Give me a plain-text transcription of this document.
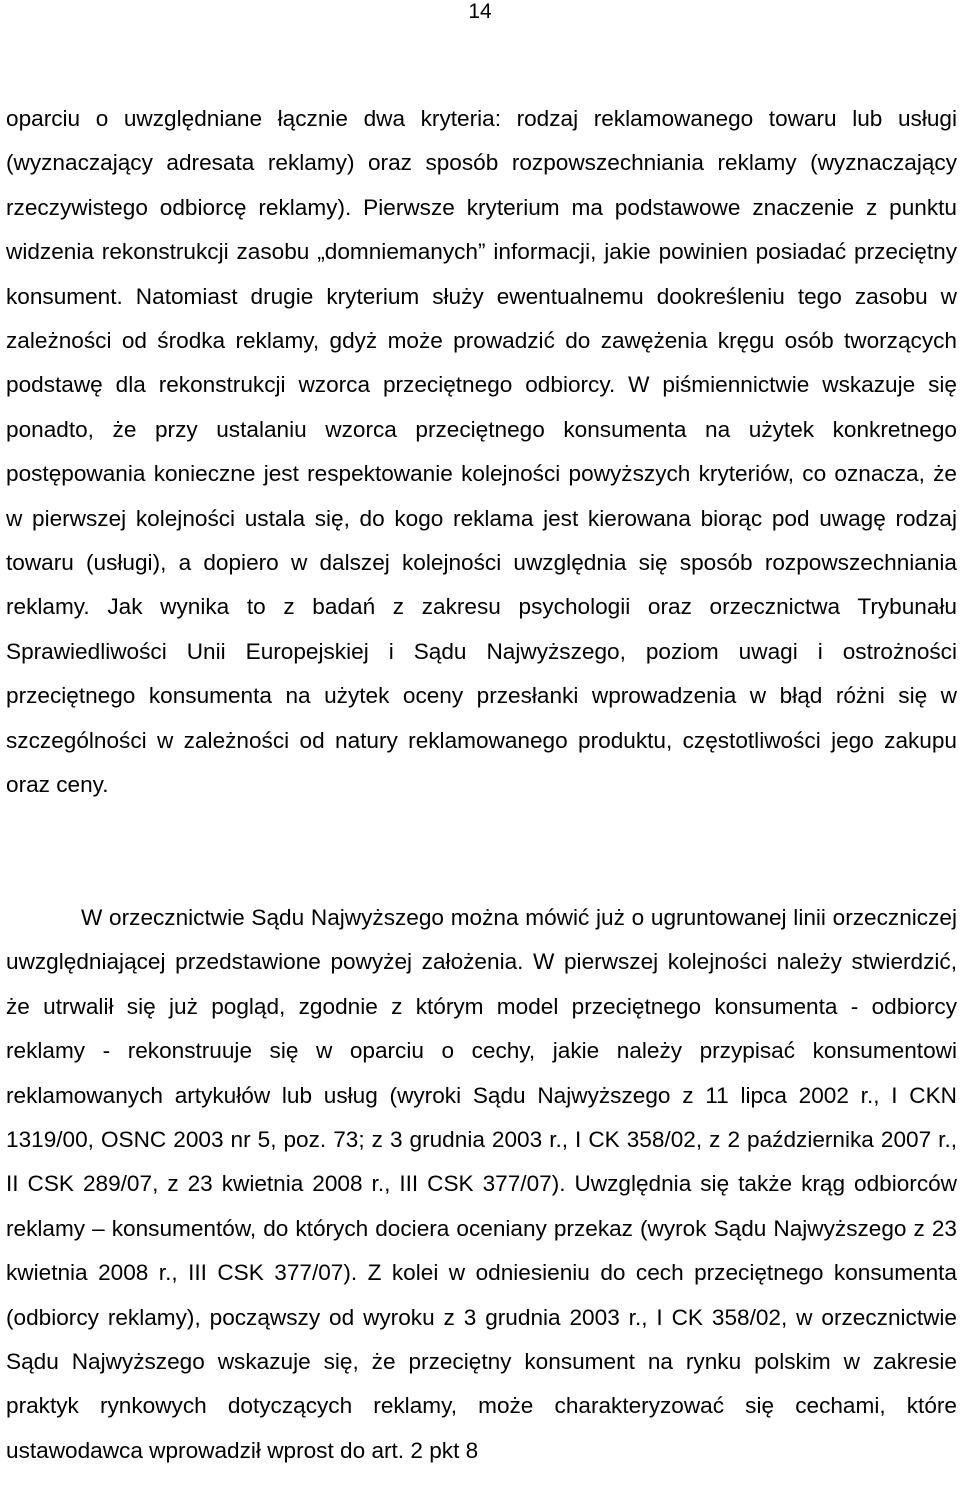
14

oparciu o uwzględniane łącznie dwa kryteria: rodzaj reklamowanego towaru lub usługi (wyznaczający adresata reklamy) oraz sposób rozpowszechniania reklamy (wyznaczający rzeczywistego odbiorcę reklamy). Pierwsze kryterium ma podstawowe znaczenie z punktu widzenia rekonstrukcji zasobu „domniemanych” informacji, jakie powinien posiadać przeciętny konsument. Natomiast drugie kryterium służy ewentualnemu dookreśleniu tego zasobu w zależności od środka reklamy, gdyż może prowadzić do zawężenia kręgu osób tworzących podstawę dla rekonstrukcji wzorca przeciętnego odbiorcy. W piśmiennictwie wskazuje się ponadto, że przy ustalaniu wzorca przeciętnego konsumenta na użytek konkretnego postępowania konieczne jest respektowanie kolejności powyższych kryteriów, co oznacza, że w pierwszej kolejności ustala się, do kogo reklama jest kierowana biorąc pod uwagę rodzaj towaru (usługi), a dopiero w dalszej kolejności uwzględnia się sposób rozpowszechniania reklamy. Jak wynika to z badań z zakresu psychologii oraz orzecznictwa Trybunału Sprawiedliwości Unii Europejskiej i Sądu Najwyższego, poziom uwagi i ostrożności przeciętnego konsumenta na użytek oceny przesłanki wprowadzenia w błąd różni się w szczególności w zależności od natury reklamowanego produktu, częstotliwości jego zakupu oraz ceny.

W orzecznictwie Sądu Najwyższego można mówić już o ugruntowanej linii orzeczniczej uwzględniającej przedstawione powyżej założenia. W pierwszej kolejności należy stwierdzić, że utrwalił się już pogląd, zgodnie z którym model przeciętnego konsumenta - odbiorcy reklamy - rekonstruuje się w oparciu o cechy, jakie należy przypisać konsumentowi reklamowanych artykułów lub usług (wyroki Sądu Najwyższego z 11 lipca 2002 r., I CKN 1319/00, OSNC 2003 nr 5, poz. 73; z 3 grudnia 2003 r., I CK 358/02, z 2 października 2007 r., II CSK 289/07, z 23 kwietnia 2008 r., III CSK 377/07). Uwzględnia się także krąg odbiorców reklamy – konsumentów, do których dociera oceniany przekaz (wyrok Sądu Najwyższego z 23 kwietnia 2008 r., III CSK 377/07). Z kolei w odniesieniu do cech przeciętnego konsumenta (odbiorcy reklamy), począwszy od wyroku z 3 grudnia 2003 r., I CK 358/02, w orzecznictwie Sądu Najwyższego wskazuje się, że przeciętny konsument na rynku polskim w zakresie praktyk rynkowych dotyczących reklamy, może charakteryzować się cechami, które ustawodawca wprowadził wprost do art. 2 pkt 8
